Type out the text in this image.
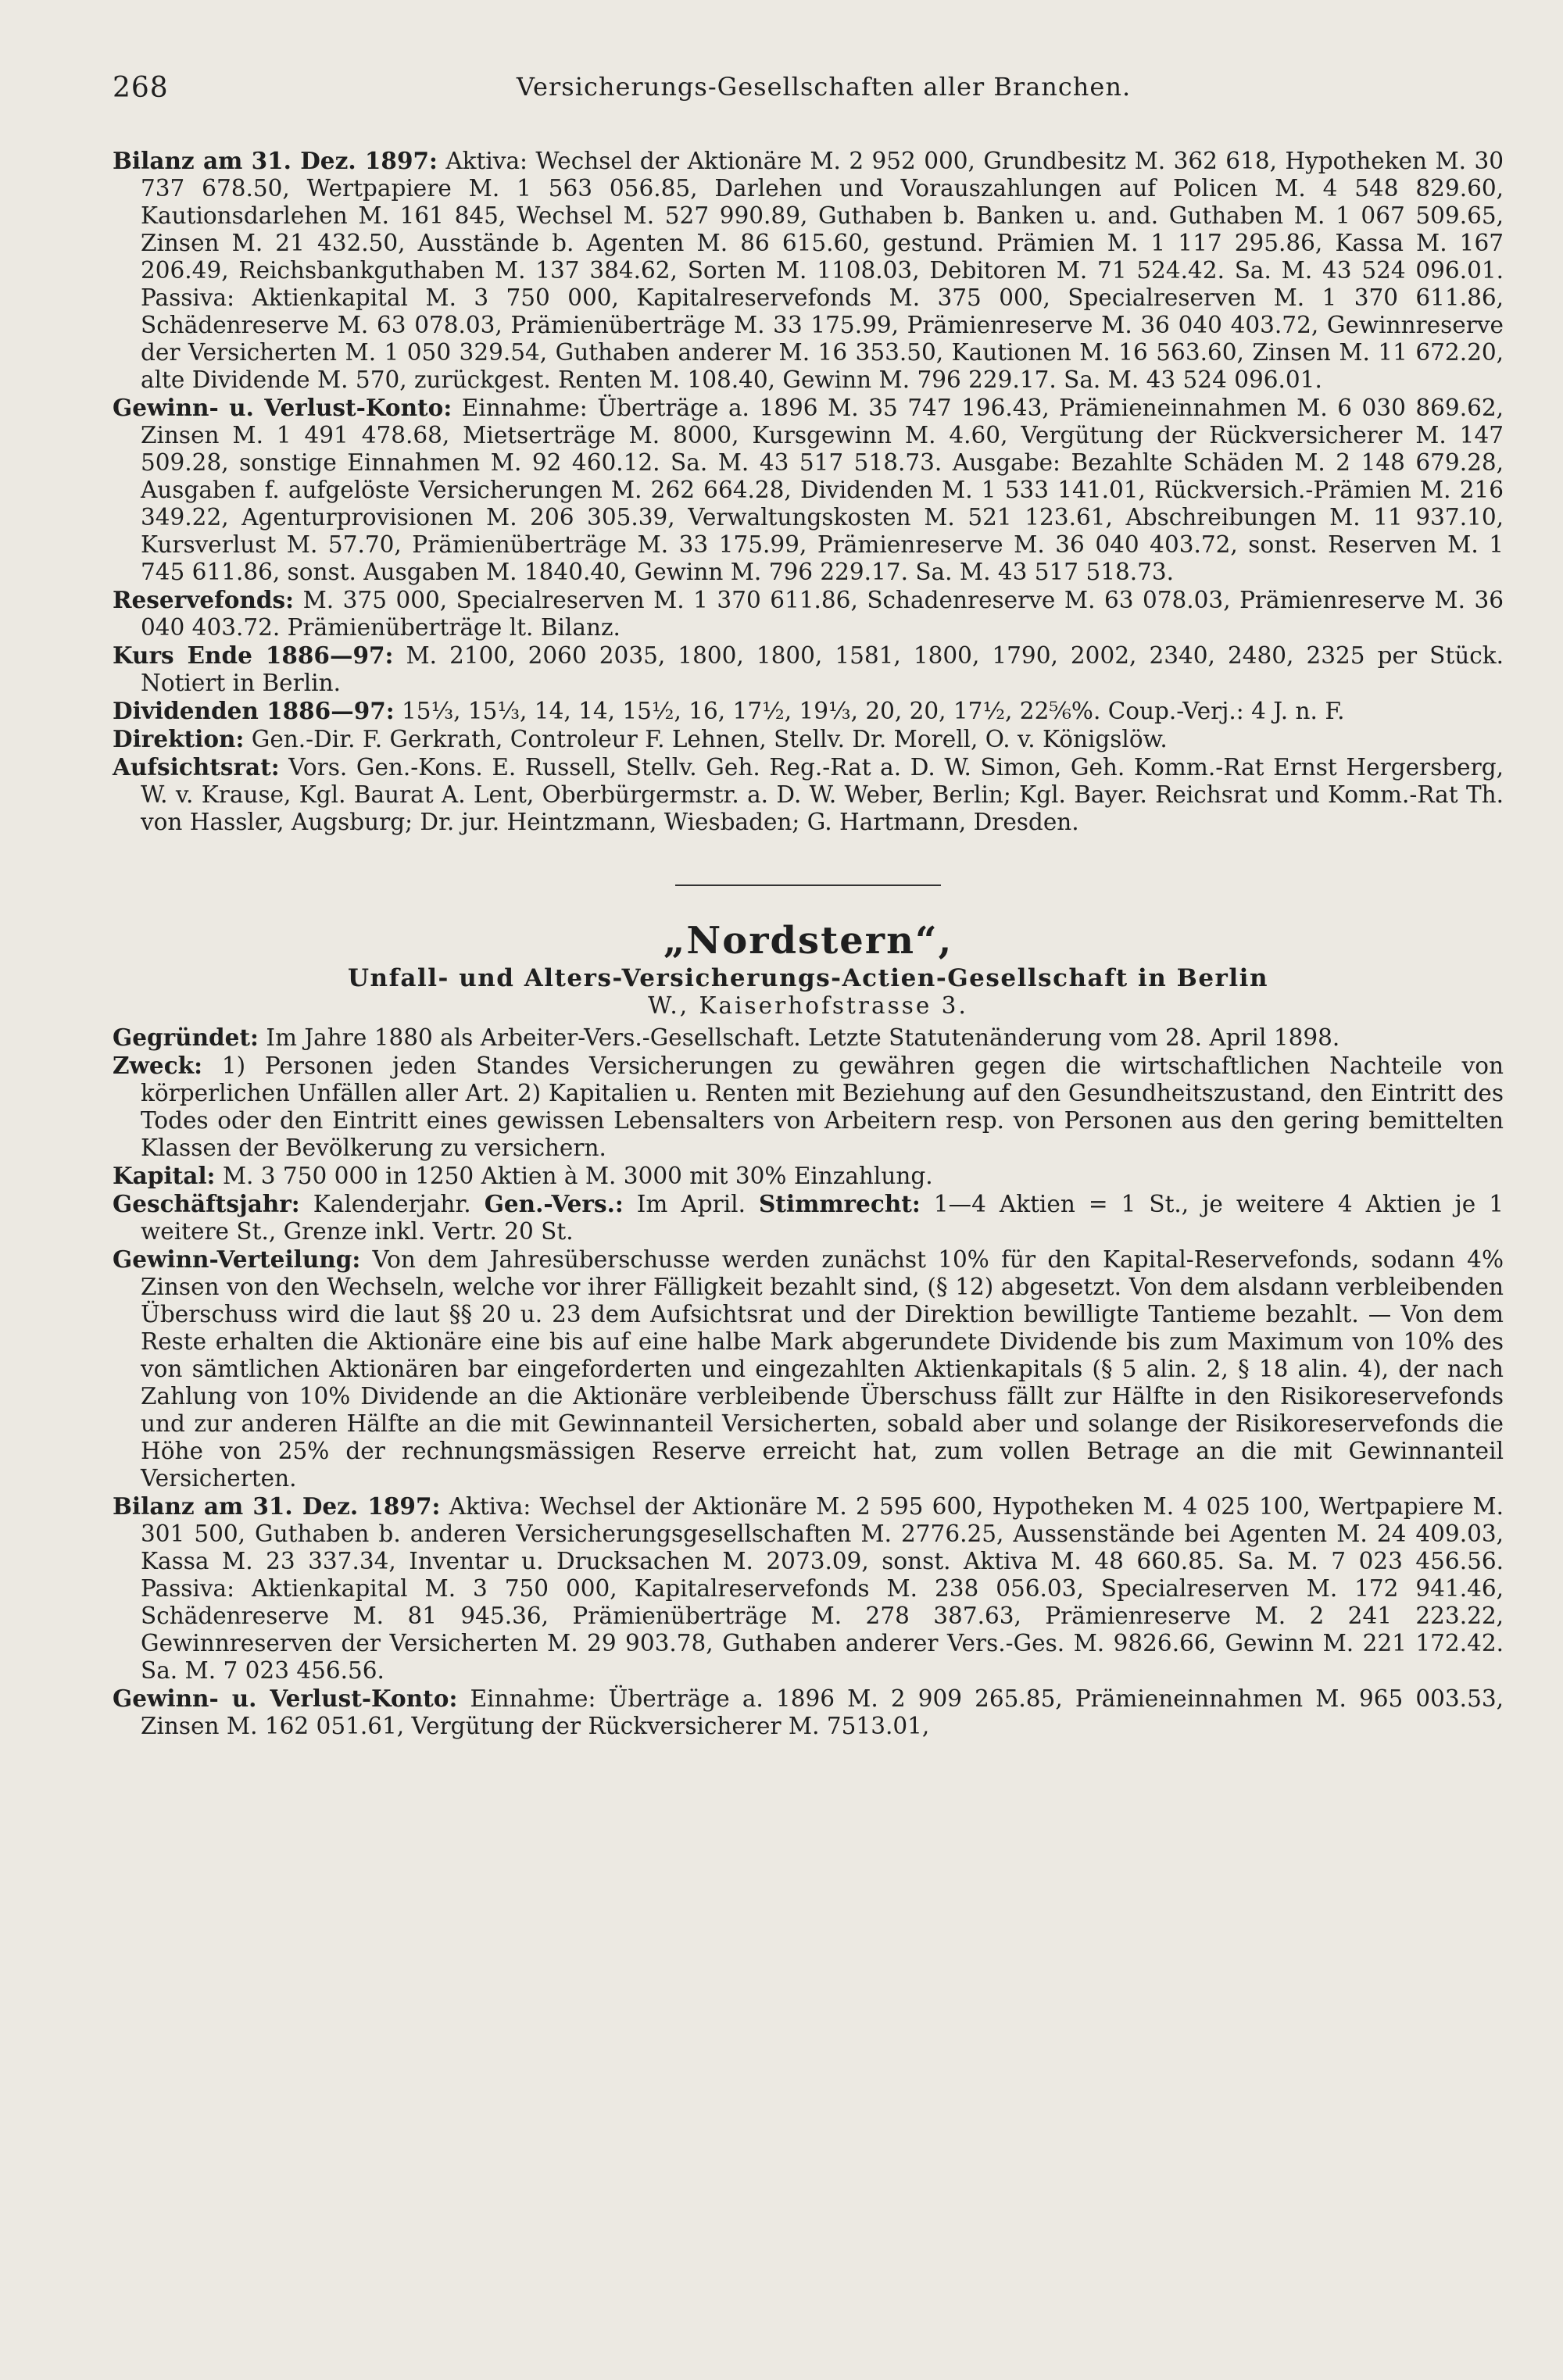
268	Versicherungs-Gesellschaften aller Branchen.

Bilanz am 31. Dez. 1897: Aktiva: Wechsel der Aktionäre M. 2 952 000, Grundbesitz M. 362 618, Hypotheken M. 30 737 678.50, Wertpapiere M. 1 563 056.85, Darlehen und Vorauszahlungen auf Policen M. 4 548 829.60, Kautionsdarlehen M. 161 845, Wechsel M. 527 990.89, Guthaben b. Banken u. and. Guthaben M. 1 067 509.65, Zinsen M. 21 432.50, Ausstände b. Agenten M. 86 615.60, gestund. Prämien M. 1 117 295.86, Kassa M. 167 206.49, Reichsbankguthaben M. 137 384.62, Sorten M. 1108.03, Debitoren M. 71 524.42. Sa. M. 43 524 096.01. Passiva: Aktienkapital M. 3 750 000, Kapitalreservefonds M. 375 000, Specialreserven M. 1 370 611.86, Schädenreserve M. 63 078.03, Prämienüberträge M. 33 175.99, Prämienreserve M. 36 040 403.72, Gewinnreserve der Versicherten M. 1 050 329.54, Guthaben anderer M. 16 353.50, Kautionen M. 16 563.60, Zinsen M. 11 672.20, alte Dividende M. 570, zurückgest. Renten M. 108.40, Gewinn M. 796 229.17. Sa. M. 43 524 096.01.

Gewinn- u. Verlust-Konto: Einnahme: Überträge a. 1896 M. 35 747 196.43, Prämieneinnahmen M. 6 030 869.62, Zinsen M. 1 491 478.68, Mietserträge M. 8000, Kursgewinn M. 4.60, Vergütung der Rückversicherer M. 147 509.28, sonstige Einnahmen M. 92 460.12. Sa. M. 43 517 518.73. Ausgabe: Bezahlte Schäden M. 2 148 679.28, Ausgaben f. aufgelöste Versicherungen M. 262 664.28, Dividenden M. 1 533 141.01, Rückversich.-Prämien M. 216 349.22, Agenturprovisionen M. 206 305.39, Verwaltungskosten M. 521 123.61, Abschreibungen M. 11 937.10, Kursverlust M. 57.70, Prämienüberträge M. 33 175.99, Prämienreserve M. 36 040 403.72, sonst. Reserven M. 1 745 611.86, sonst. Ausgaben M. 1840.40, Gewinn M. 796 229.17. Sa. M. 43 517 518.73.

Reservefonds: M. 375 000, Specialreserven M. 1 370 611.86, Schadenreserve M. 63 078.03, Prämienreserve M. 36 040 403.72. Prämienüberträge lt. Bilanz.

Kurs Ende 1886—97: M. 2100, 2060 2035, 1800, 1800, 1581, 1800, 1790, 2002, 2340, 2480, 2325 per Stück. Notiert in Berlin.

Dividenden 1886—97: 15⅓, 15⅓, 14, 14, 15½, 16, 17½, 19⅓, 20, 20, 17½, 22⅚%. Coup.-Verj.: 4 J. n. F.

Direktion: Gen.-Dir. F. Gerkrath, Controleur F. Lehnen, Stellv. Dr. Morell, O. v. Königslöw.

Aufsichtsrat: Vors. Gen.-Kons. E. Russell, Stellv. Geh. Reg.-Rat a. D. W. Simon, Geh. Komm.-Rat Ernst Hergersberg, W. v. Krause, Kgl. Baurat A. Lent, Oberbürgermstr. a. D. W. Weber, Berlin; Kgl. Bayer. Reichsrat und Komm.-Rat Th. von Hassler, Augsburg; Dr. jur. Heintzmann, Wiesbaden; G. Hartmann, Dresden.

„Nordstern“,
Unfall- und Alters-Versicherungs-Actien-Gesellschaft in Berlin

W., Kaiserhofstrasse 3.

Gegründet: Im Jahre 1880 als Arbeiter-Vers.-Gesellschaft. Letzte Statutenänderung vom 28. April 1898.

Zweck: 1) Personen jeden Standes Versicherungen zu gewähren gegen die wirtschaftlichen Nachteile von körperlichen Unfällen aller Art. 2) Kapitalien u. Renten mit Beziehung auf den Gesundheitszustand, den Eintritt des Todes oder den Eintritt eines gewissen Lebensalters von Arbeitern resp. von Personen aus den gering bemittelten Klassen der Bevölkerung zu versichern.

Kapital: M. 3 750 000 in 1250 Aktien à M. 3000 mit 30% Einzahlung.

Geschäftsjahr: Kalenderjahr. Gen.-Vers.: Im April. Stimmrecht: 1—4 Aktien = 1 St., je weitere 4 Aktien je 1 weitere St., Grenze inkl. Vertr. 20 St.

Gewinn-Verteilung: Von dem Jahresüberschusse werden zunächst 10% für den Kapital-Reservefonds, sodann 4% Zinsen von den Wechseln, welche vor ihrer Fälligkeit bezahlt sind, (§ 12) abgesetzt. Von dem alsdann verbleibenden Überschuss wird die laut §§ 20 u. 23 dem Aufsichtsrat und der Direktion bewilligte Tantieme bezahlt. — Von dem Reste erhalten die Aktionäre eine bis auf eine halbe Mark abgerundete Dividende bis zum Maximum von 10% des von sämtlichen Aktionären bar eingeforderten und eingezahlten Aktienkapitals (§ 5 alin. 2, § 18 alin. 4), der nach Zahlung von 10% Dividende an die Aktionäre verbleibende Überschuss fällt zur Hälfte in den Risikoreservefonds und zur anderen Hälfte an die mit Gewinnanteil Versicherten, sobald aber und solange der Risikoreservefonds die Höhe von 25% der rechnungsmässigen Reserve erreicht hat, zum vollen Betrage an die mit Gewinnanteil Versicherten.

Bilanz am 31. Dez. 1897: Aktiva: Wechsel der Aktionäre M. 2 595 600, Hypotheken M. 4 025 100, Wertpapiere M. 301 500, Guthaben b. anderen Versicherungsgesellschaften M. 2776.25, Aussenstände bei Agenten M. 24 409.03, Kassa M. 23 337.34, Inventar u. Drucksachen M. 2073.09, sonst. Aktiva M. 48 660.85. Sa. M. 7 023 456.56. Passiva: Aktienkapital M. 3 750 000, Kapitalreservefonds M. 238 056.03, Specialreserven M. 172 941.46, Schädenreserve M. 81 945.36, Prämienüberträge M. 278 387.63, Prämienreserve M. 2 241 223.22, Gewinnreserven der Versicherten M. 29 903.78, Guthaben anderer Vers.-Ges. M. 9826.66, Gewinn M. 221 172.42. Sa. M. 7 023 456.56.

Gewinn- u. Verlust-Konto: Einnahme: Überträge a. 1896 M. 2 909 265.85, Prämieneinnahmen M. 965 003.53, Zinsen M. 162 051.61, Vergütung der Rückversicherer M. 7513.01,
